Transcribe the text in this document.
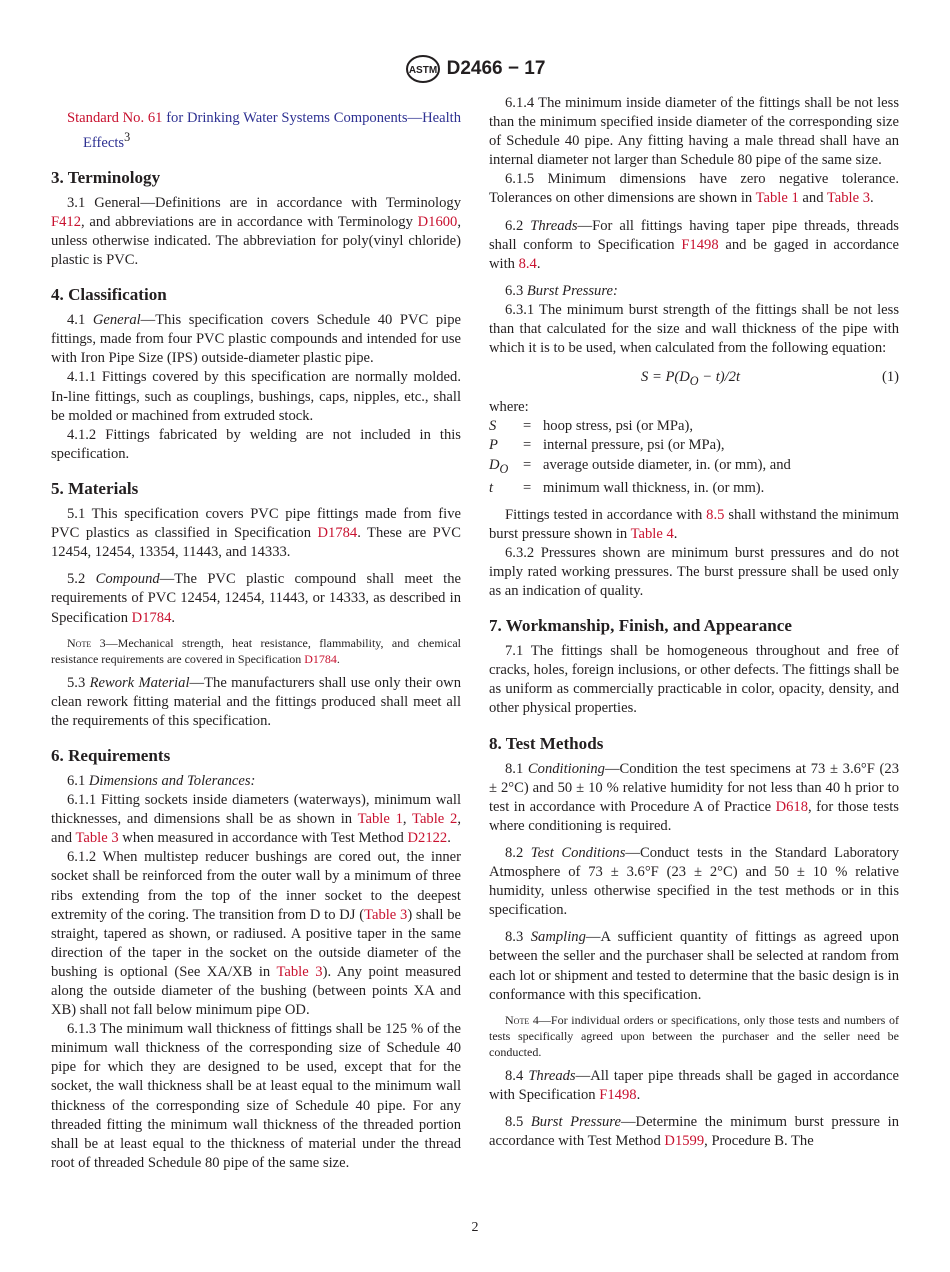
ASTM D2466 − 17

Standard No. 61 for Drinking Water Systems Components—Health Effects$^3$

3. Terminology

3.1 General—Definitions are in accordance with Terminology F412, and abbreviations are in accordance with Terminology D1600, unless otherwise indicated. The abbreviation for poly(vinyl chloride) plastic is PVC.

4. Classification

4.1 General—This specification covers Schedule 40 PVC pipe fittings, made from four PVC plastic compounds and intended for use with Iron Pipe Size (IPS) outside-diameter plastic pipe.

4.1.1 Fittings covered by this specification are normally molded. In-line fittings, such as couplings, bushings, caps, nipples, etc., shall be molded or machined from extruded stock.

4.1.2 Fittings fabricated by welding are not included in this specification.

5. Materials

5.1 This specification covers PVC pipe fittings made from five PVC plastics as classified in Specification D1784. These are PVC 12454, 12454, 13354, 11443, and 14333.

5.2 Compound—The PVC plastic compound shall meet the requirements of PVC 12454, 12454, 11443, or 14333, as described in Specification D1784.

Note 3—Mechanical strength, heat resistance, flammability, and chemical resistance requirements are covered in Specification D1784.

5.3 Rework Material—The manufacturers shall use only their own clean rework fitting material and the fittings produced shall meet all the requirements of this specification.

6. Requirements

6.1 Dimensions and Tolerances:

6.1.1 Fitting sockets inside diameters (waterways), minimum wall thicknesses, and dimensions shall be as shown in Table 1, Table 2, and Table 3 when measured in accordance with Test Method D2122.

6.1.2 When multistep reducer bushings are cored out, the inner socket shall be reinforced from the outer wall by a minimum of three ribs extending from the top of the inner socket to the deepest extremity of the coring. The transition from D to DJ (Table 3) shall be straight, tapered as shown, or radiused. A positive taper in the same direction of the taper in the socket on the outside diameter of the bushing is optional (See XA/XB in Table 3). Any point measured along the outside diameter of the bushing (between points XA and XB) shall not fall below minimum pipe OD.

6.1.3 The minimum wall thickness of fittings shall be 125 % of the minimum wall thickness of the corresponding size of Schedule 40 pipe for which they are designed to be used, except that for the socket, the wall thickness shall be at least equal to the minimum wall thickness of the corresponding size of Schedule 40 pipe. For any threaded fitting the minimum wall thickness of the threaded portion shall be at least equal to the thickness of material under the thread root of threaded Schedule 80 pipe of the same size.

6.1.4 The minimum inside diameter of the fittings shall be not less than the minimum specified inside diameter of the corresponding size of Schedule 40 pipe. Any fitting having a male thread shall have an internal diameter not larger than Schedule 80 pipe of the same size.

6.1.5 Minimum dimensions have zero negative tolerance. Tolerances on other dimensions are shown in Table 1 and Table 3.

6.2 Threads—For all fittings having taper pipe threads, threads shall conform to Specification F1498 and be gaged in accordance with 8.4.

6.3 Burst Pressure:

6.3.1 The minimum burst strength of the fittings shall be not less than that calculated for the size and wall thickness of the pipe with which it is to be used, when calculated from the following equation:

$S = P(D_O - t)/2t$	(1)
where:
S	= hoop stress, psi (or MPa),
P	= internal pressure, psi (or MPa),
$D_O$	= average outside diameter, in. (or mm), and
t	= minimum wall thickness, in. (or mm).

Fittings tested in accordance with 8.5 shall withstand the minimum burst pressure shown in Table 4.

6.3.2 Pressures shown are minimum burst pressures and do not imply rated working pressures. The burst pressure shall be used only as an indication of quality.

7. Workmanship, Finish, and Appearance

7.1 The fittings shall be homogeneous throughout and free of cracks, holes, foreign inclusions, or other defects. The fittings shall be as uniform as commercially practicable in color, opacity, density, and other physical properties.

8. Test Methods

8.1 Conditioning—Condition the test specimens at 73 ± 3.6°F (23 ± 2°C) and 50 ± 10 % relative humidity for not less than 40 h prior to test in accordance with Procedure A of Practice D618, for those tests where conditioning is required.

8.2 Test Conditions—Conduct tests in the Standard Laboratory Atmosphere of 73 ± 3.6°F (23 ± 2°C) and 50 ± 10 % relative humidity, unless otherwise specified in the test methods or in this specification.

8.3 Sampling—A sufficient quantity of fittings as agreed upon between the seller and the purchaser shall be selected at random from each lot or shipment and tested to determine that the basic design is in conformance with this specification.

Note 4—For individual orders or specifications, only those tests and numbers of tests specifically agreed upon between the purchaser and the seller need be conducted.

8.4 Threads—All taper pipe threads shall be gaged in accordance with Specification F1498.

8.5 Burst Pressure—Determine the minimum burst pressure in accordance with Test Method D1599, Procedure B. The

2
